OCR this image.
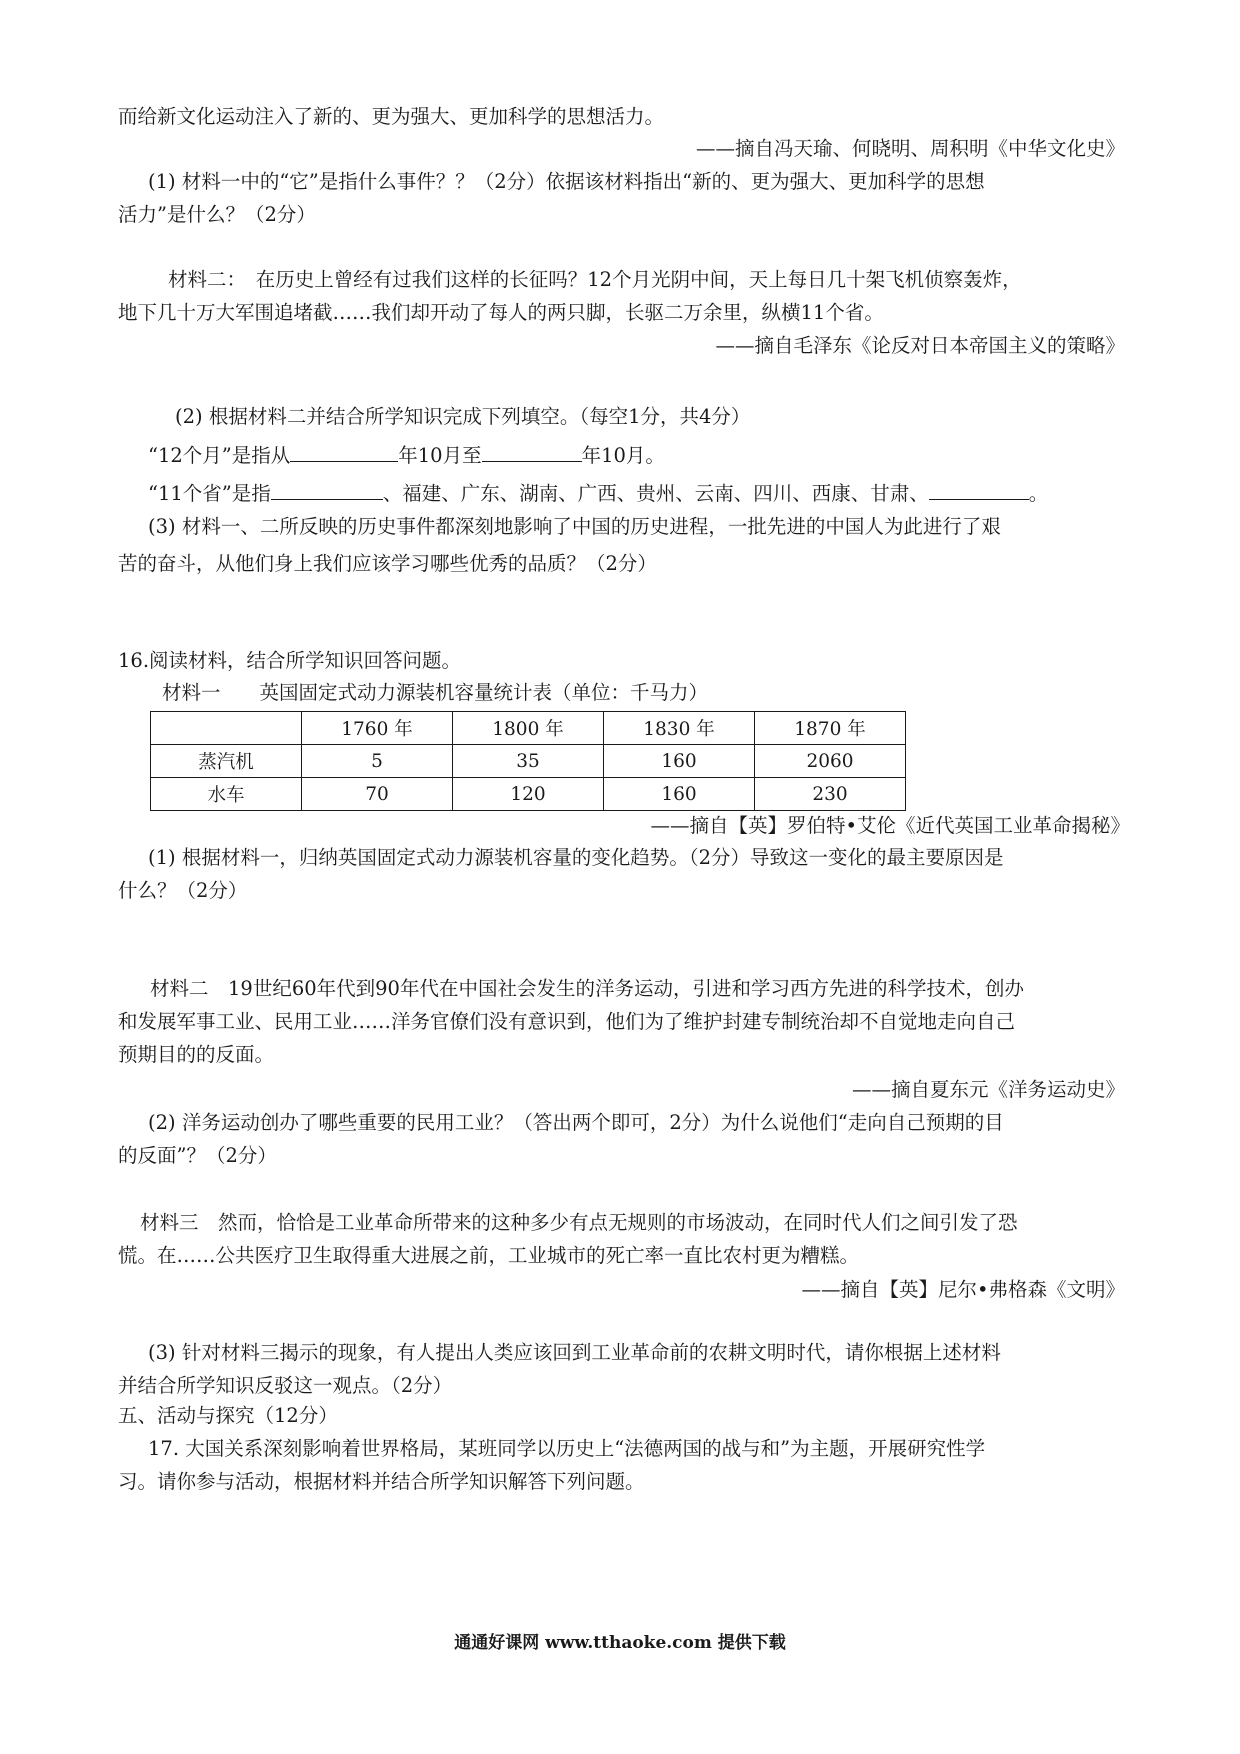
而给新文化运动注入了新的、更为强大、更加科学的思想活力。
——摘自冯天瑜、何晓明、周积明《中华文化史》
(1) 材料一中的“它”是指什么事件？？（2分）依据该材料指出“新的、更为强大、更加科学的思想
活力”是什么？（2分）
材料二：　在历史上曾经有过我们这样的长征吗？12个月光阴中间，天上每日几十架飞机侦察轰炸，
地下几十万大军围追堵截……我们却开动了每人的两只脚，长驱二万余里，纵横11个省。
——摘自毛泽东《论反对日本帝国主义的策略》
(2) 根据材料二并结合所学知识完成下列填空。（每空1分，共4分）
“12个月”是指从	年10月至	年10月。
“11个省”是指	、福建、广东、湖南、广西、贵州、云南、四川、西康、甘肃、	。
(3) 材料一、二所反映的历史事件都深刻地影响了中国的历史进程，一批先进的中国人为此进行了艰
苦的奋斗，从他们身上我们应该学习哪些优秀的品质？（2分）
16.阅读材料，结合所学知识回答问题。
材料一　　英国固定式动力源装机容量统计表（单位：千马力）
	1760 年	1800 年	1830 年	1870 年
蒸汽机	5	35	160	2060
水车	70	120	160	230
——摘自【英】罗伯特•艾伦《近代英国工业革命揭秘》
(1) 根据材料一，归纳英国固定式动力源装机容量的变化趋势。（2分）导致这一变化的最主要原因是
什么？（2分）
材料二　19世纪60年代到90年代在中国社会发生的洋务运动，引进和学习西方先进的科学技术，创办
和发展军事工业、民用工业……洋务官僚们没有意识到，他们为了维护封建专制统治却不自觉地走向自己
预期目的的反面。
——摘自夏东元《洋务运动史》
(2) 洋务运动创办了哪些重要的民用工业？（答出两个即可，2分）为什么说他们“走向自己预期的目
的反面”？（2分）
材料三　然而，恰恰是工业革命所带来的这种多少有点无规则的市场波动，在同时代人们之间引发了恐
慌。在……公共医疗卫生取得重大进展之前，工业城市的死亡率一直比农村更为糟糕。
——摘自【英】尼尔•弗格森《文明》
(3) 针对材料三揭示的现象，有人提出人类应该回到工业革命前的农耕文明时代，请你根据上述材料
并结合所学知识反驳这一观点。（2分）
五、活动与探究（12分）
17. 大国关系深刻影响着世界格局，某班同学以历史上“法德两国的战与和”为主题，开展研究性学
习。请你参与活动，根据材料并结合所学知识解答下列问题。
通通好课网 www.tthaoke.com 提供下载
